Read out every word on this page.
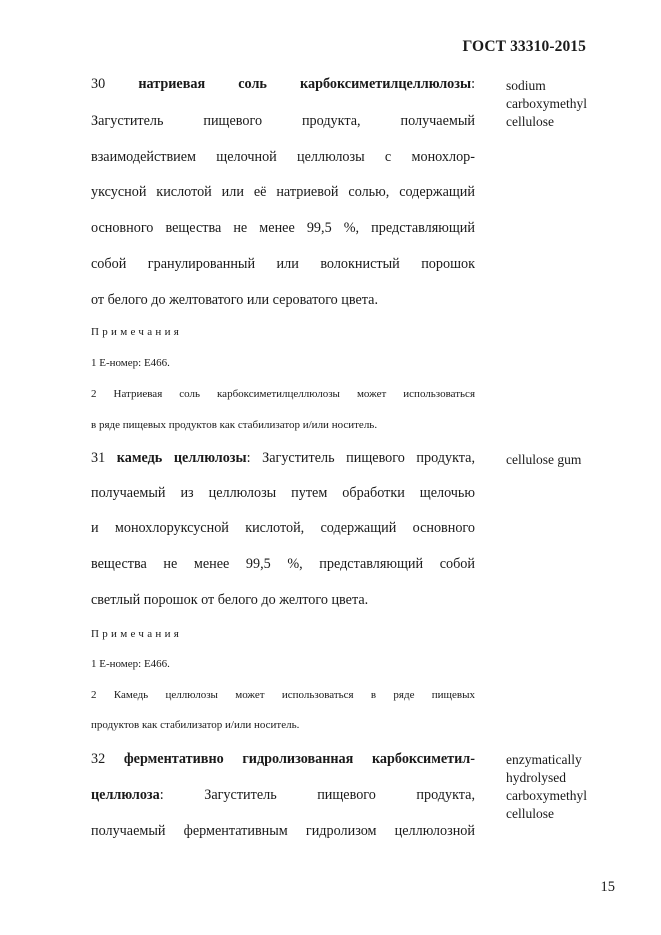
ГОСТ 33310-2015
30 натриевая соль карбоксиметилцеллюлозы:
Загуститель пищевого продукта, получаемый
взаимодействием щелочной целлюлозы с монохлор-
уксусной кислотой или её натриевой солью, содержащий
основного вещества не менее 99,5 %, представляющий
собой гранулированный или волокнистый порошок
от белого до желтоватого или сероватого цвета.
Примечания
1 Е-номер: Е466.
2 Натриевая соль карбоксиметилцеллюлозы может использоваться
в ряде пищевых продуктов как стабилизатор и/или носитель.
sodium
carboxymethyl
cellulose
31 камедь целлюлозы: Загуститель пищевого продукта,
получаемый из целлюлозы путем обработки щелочью
и монохлоруксусной кислотой, содержащий основного
вещества не менее 99,5 %, представляющий собой
светлый порошок от белого до желтого цвета.
Примечания
1 Е-номер: Е466.
2 Камедь целлюлозы может использоваться в ряде пищевых
продуктов как стабилизатор и/или носитель.
cellulose gum
32 ферментативно гидролизованная карбоксиметил-
целлюлоза: Загуститель пищевого продукта,
получаемый ферментативным гидролизом целлюлозной
enzymatically
hydrolysed
carboxymethyl
cellulose
15
